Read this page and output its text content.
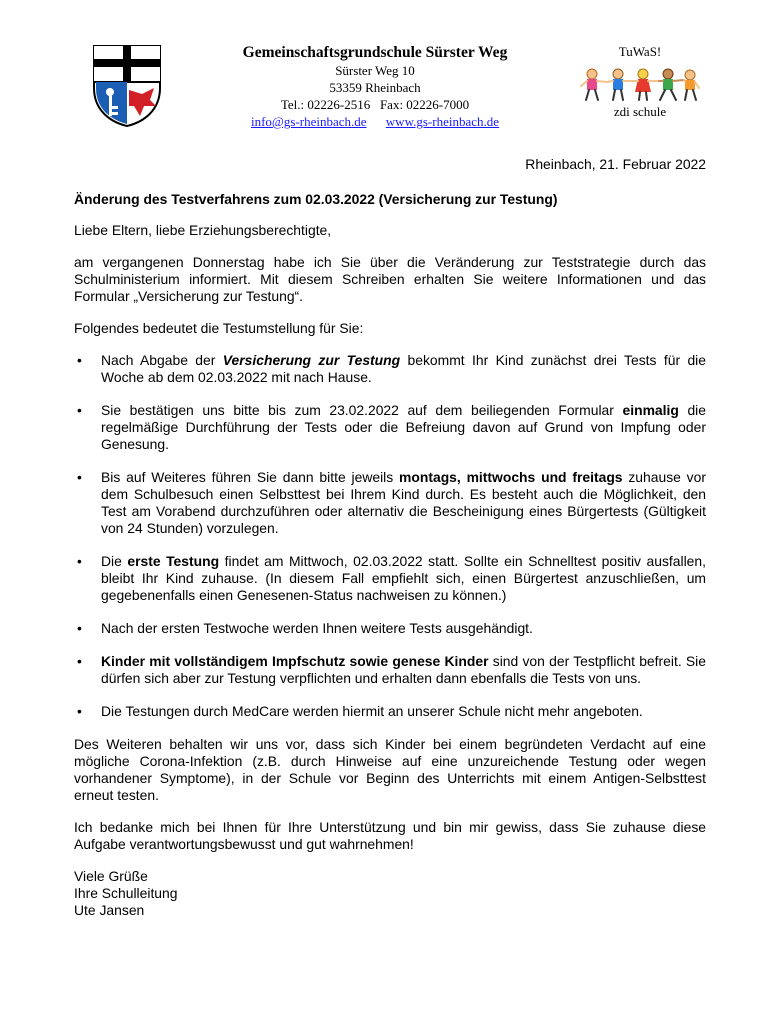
Gemeinschaftsgrundschule Sürster Weg
Sürster Weg 10
53359 Rheinbach
Tel.: 02226-2516   Fax: 02226-7000
info@gs-rheinbach.de www.gs-rheinbach.de
TuWaS!
zdi schule
Rheinbach, 21. Februar 2022
Änderung des Testverfahrens zum 02.03.2022 (Versicherung zur Testung)

Liebe Eltern, liebe Erziehungsberechtigte,

am vergangenen Donnerstag habe ich Sie über die Veränderung zur Teststrategie durch das Schulministerium informiert. Mit diesem Schreiben erhalten Sie weitere Informationen und das Formular „Versicherung zur Testung“.

Folgendes bedeutet die Testumstellung für Sie:

• Nach Abgabe der Versicherung zur Testung bekommt Ihr Kind zunächst drei Tests für die Woche ab dem 02.03.2022 mit nach Hause.
• Sie bestätigen uns bitte bis zum 23.02.2022 auf dem beiliegenden Formular einmalig die regelmäßige Durchführung der Tests oder die Befreiung davon auf Grund von Impfung oder Genesung.
• Bis auf Weiteres führen Sie dann bitte jeweils montags, mittwochs und freitags zuhause vor dem Schulbesuch einen Selbsttest bei Ihrem Kind durch. Es besteht auch die Möglichkeit, den Test am Vorabend durchzuführen oder alternativ die Bescheinigung eines Bürgertests (Gültigkeit von 24 Stunden) vorzulegen.
• Die erste Testung findet am Mittwoch, 02.03.2022 statt. Sollte ein Schnelltest positiv ausfallen, bleibt Ihr Kind zuhause. (In diesem Fall empfiehlt sich, einen Bürgertest anzuschließen, um gegebenenfalls einen Genesenen-Status nachweisen zu können.)
• Nach der ersten Testwoche werden Ihnen weitere Tests ausgehändigt.
• Kinder mit vollständigem Impfschutz sowie genese Kinder sind von der Testpflicht befreit. Sie dürfen sich aber zur Testung verpflichten und erhalten dann ebenfalls die Tests von uns.
• Die Testungen durch MedCare werden hiermit an unserer Schule nicht mehr angeboten.

Des Weiteren behalten wir uns vor, dass sich Kinder bei einem begründeten Verdacht auf eine mögliche Corona-Infektion (z.B. durch Hinweise auf eine unzureichende Testung oder wegen vorhandener Symptome), in der Schule vor Beginn des Unterrichts mit einem Antigen-Selbsttest erneut testen.

Ich bedanke mich bei Ihnen für Ihre Unterstützung und bin mir gewiss, dass Sie zuhause diese Aufgabe verantwortungsbewusst und gut wahrnehmen!

Viele Grüße
Ihre Schulleitung
Ute Jansen
